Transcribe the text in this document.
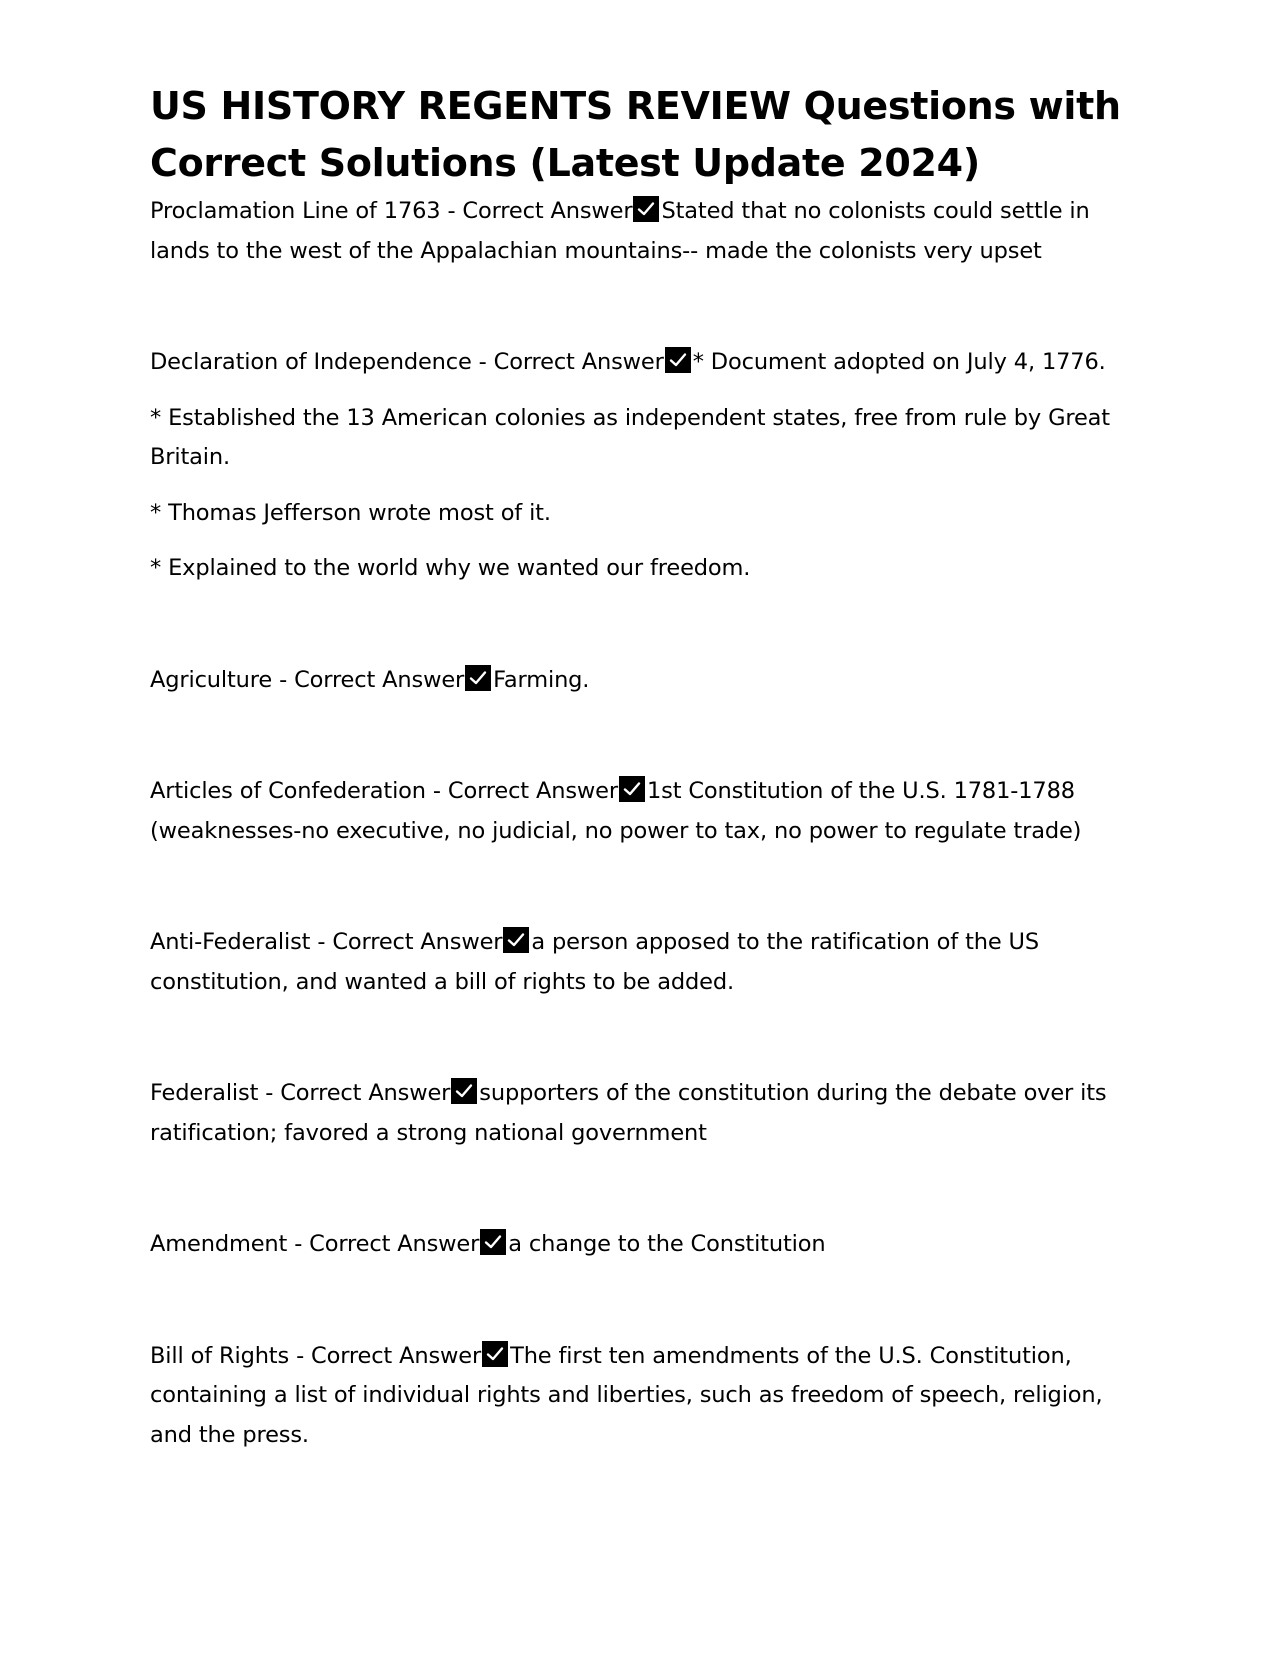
US HISTORY REGENTS REVIEW Questions with Correct Solutions (Latest Update 2024)

Proclamation Line of 1763 - Correct Answer Stated that no colonists could settle in lands to the west of the Appalachian mountains-- made the colonists very upset

Declaration of Independence - Correct Answer * Document adopted on July 4, 1776.

* Established the 13 American colonies as independent states, free from rule by Great Britain.

* Thomas Jefferson wrote most of it.

* Explained to the world why we wanted our freedom.

Agriculture - Correct Answer Farming.

Articles of Confederation - Correct Answer 1st Constitution of the U.S. 1781-1788 (weaknesses-no executive, no judicial, no power to tax, no power to regulate trade)

Anti-Federalist - Correct Answer a person apposed to the ratification of the US constitution, and wanted a bill of rights to be added.

Federalist - Correct Answer supporters of the constitution during the debate over its ratification; favored a strong national government

Amendment - Correct Answer a change to the Constitution

Bill of Rights - Correct Answer The first ten amendments of the U.S. Constitution, containing a list of individual rights and liberties, such as freedom of speech, religion, and the press.
